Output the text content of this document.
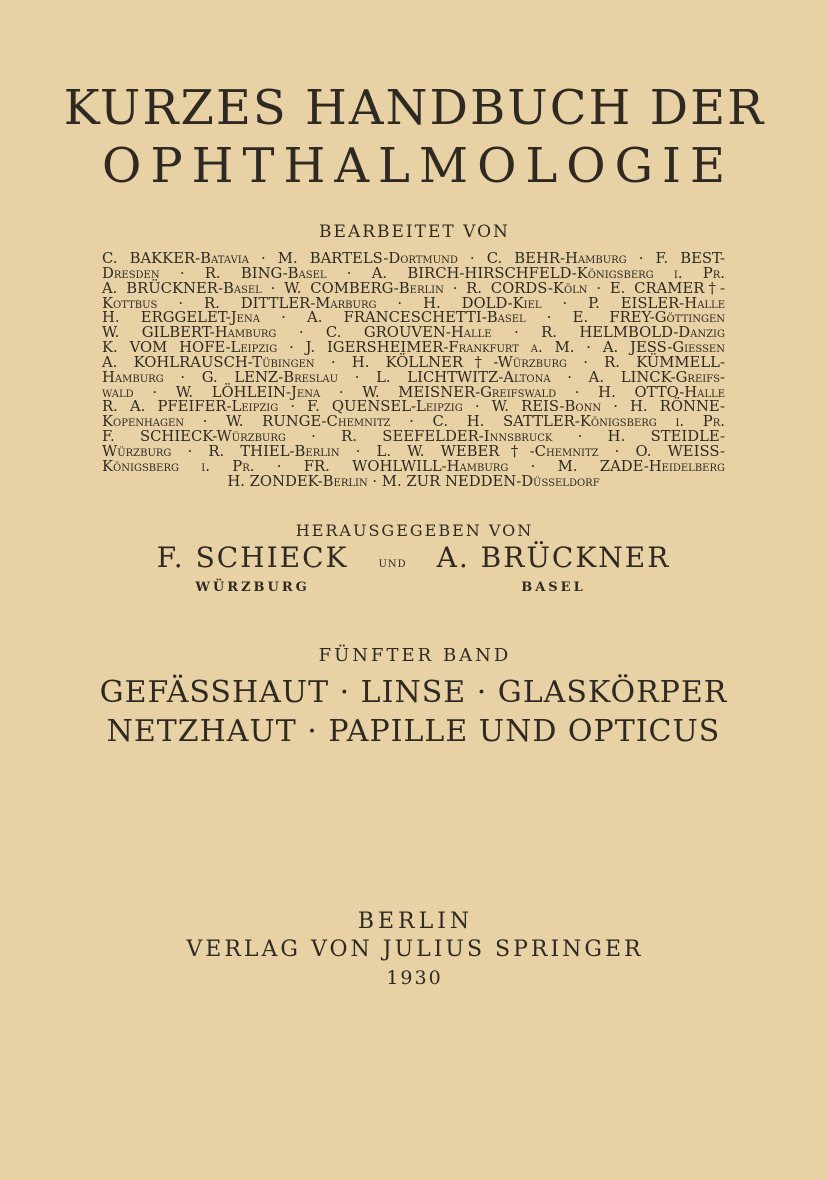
KURZES HANDBUCH DER
OPHTHALMOLOGIE
BEARBEITET VON
C. BAKKER-Batavia · M. BARTELS-Dortmund · C. BEHR-Hamburg · F. BEST-
Dresden · R. BING-Basel · A. BIRCH-HIRSCHFELD-Königsberg i. Pr.
A. BRÜCKNER-Basel · W. COMBERG-Berlin · R. CORDS-Köln · E. CRAMER†-
Kottbus · R. DITTLER-Marburg · H. DOLD-Kiel · P. EISLER-Halle
H. ERGGELET-Jena · A. FRANCESCHETTI-Basel · E. FREY-Göttingen
W. GILBERT-Hamburg · C. GROUVEN-Halle · R. HELMBOLD-Danzig
K. VOM HOFE-Leipzig · J. IGERSHEIMER-Frankfurt a. M. · A. JESS-Giessen
A. KOHLRAUSCH-Tübingen · H. KÖLLNER†-Würzburg · R. KÜMMELL-
Hamburg · G. LENZ-Breslau · L. LICHTWITZ-Altona · A. LINCK-Greifs-
wald · W. LÖHLEIN-Jena · W. MEISNER-Greifswald · H. OTTO-Halle
R. A. PFEIFER-Leipzig · F. QUENSEL-Leipzig · W. REIS-Bonn · H. RÖNNE-
Kopenhagen · W. RUNGE-Chemnitz · C. H. SATTLER-Königsberg i. Pr.
F. SCHIECK-Würzburg · R. SEEFELDER-Innsbruck · H. STEIDLE-
Würzburg · R. THIEL-Berlin · L. W. WEBER†-Chemnitz · O. WEISS-
Königsberg i. Pr. · FR. WOHLWILL-Hamburg · M. ZADE-Heidelberg
H. ZONDEK-Berlin · M. ZUR NEDDEN-Düsseldorf
HERAUSGEGEBEN VON
F. SCHIECK
WÜRZBURG
und A. BRÜCKNER
BASEL
FÜNFTER BAND
GEFÄSSHAUT · LINSE · GLASKÖRPER
NETZHAUT · PAPILLE UND OPTICUS
BERLIN
VERLAG VON JULIUS SPRINGER
1930
